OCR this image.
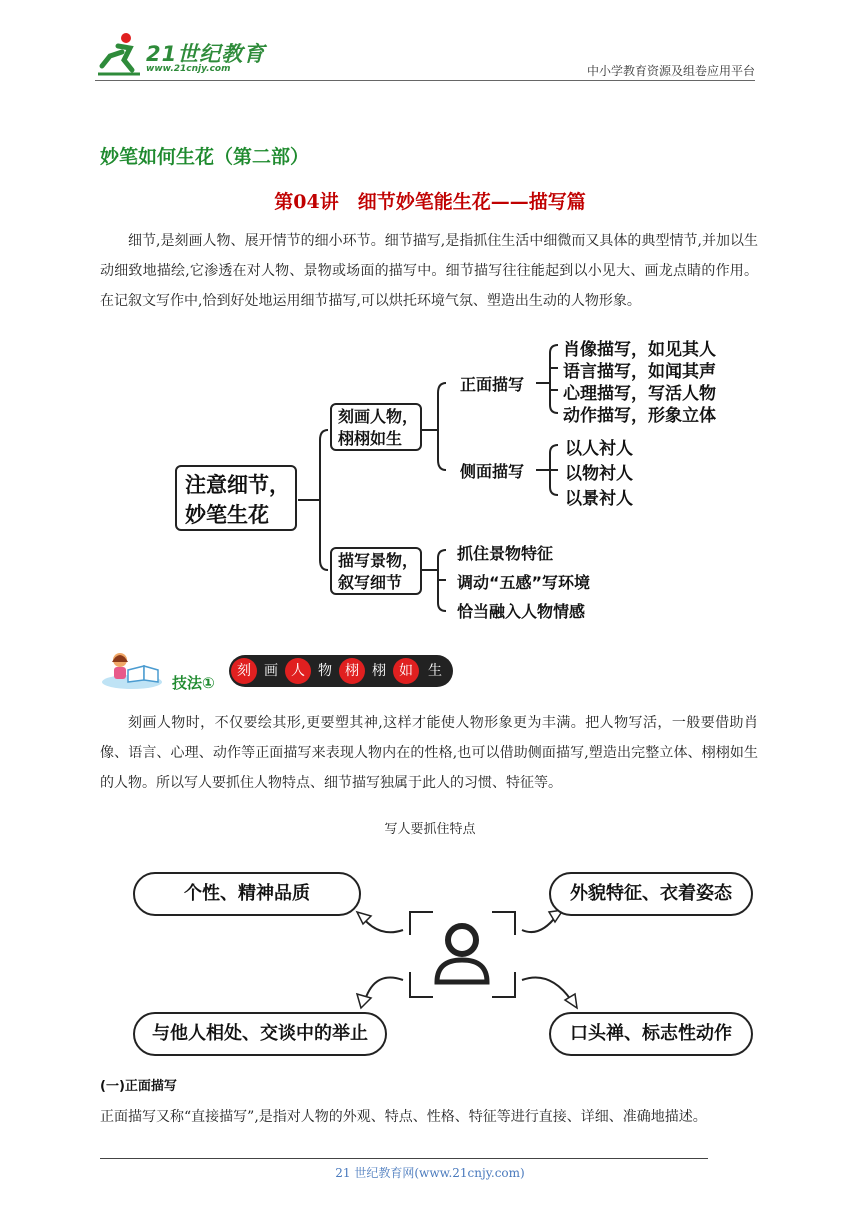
21世纪教育
www.21cnjy.com	中小学教育资源及组卷应用平台
妙笔如何生花（第二部）
第04讲　细节妙笔能生花——描写篇
细节,是刻画人物、展开情节的细小环节。细节描写,是指抓住生活中细微而又具体的典型情节,并加以生动细致地描绘,它渗透在对人物、景物或场面的描写中。细节描写往往能起到以小见大、画龙点睛的作用。在记叙文写作中,恰到好处地运用细节描写,可以烘托环境气氛、塑造出生动的人物形象。
注意细节，
妙笔生花
刻画人物，
栩栩如生
描写景物，
叙写细节
正面描写
侧面描写
肖像描写，如见其人
语言描写，如闻其声
心理描写，写活人物
动作描写，形象立体
以人衬人
以物衬人
以景衬人
抓住景物特征
调动“五感”写环境
恰当融入人物情感
技法①
刻 画 人 物 栩 栩 如	生
刻画人物时，不仅要绘其形,更要塑其神,这样才能使人物形象更为丰满。把人物写活，一般要借助肖像、语言、心理、动作等正面描写来表现人物内在的性格,也可以借助侧面描写,塑造出完整立体、栩栩如生的人物。所以写人要抓住人物特点、细节描写独属于此人的习惯、特征等。
写人要抓住特点
个性、精神品质	外貌特征、衣着姿态
与他人相处、交谈中的举止	口头禅、标志性动作
(一)正面描写
正面描写又称“直接描写”,是指对人物的外观、特点、性格、特征等进行直接、详细、准确地描述。
21 世纪教育网(www.21cnjy.com)
